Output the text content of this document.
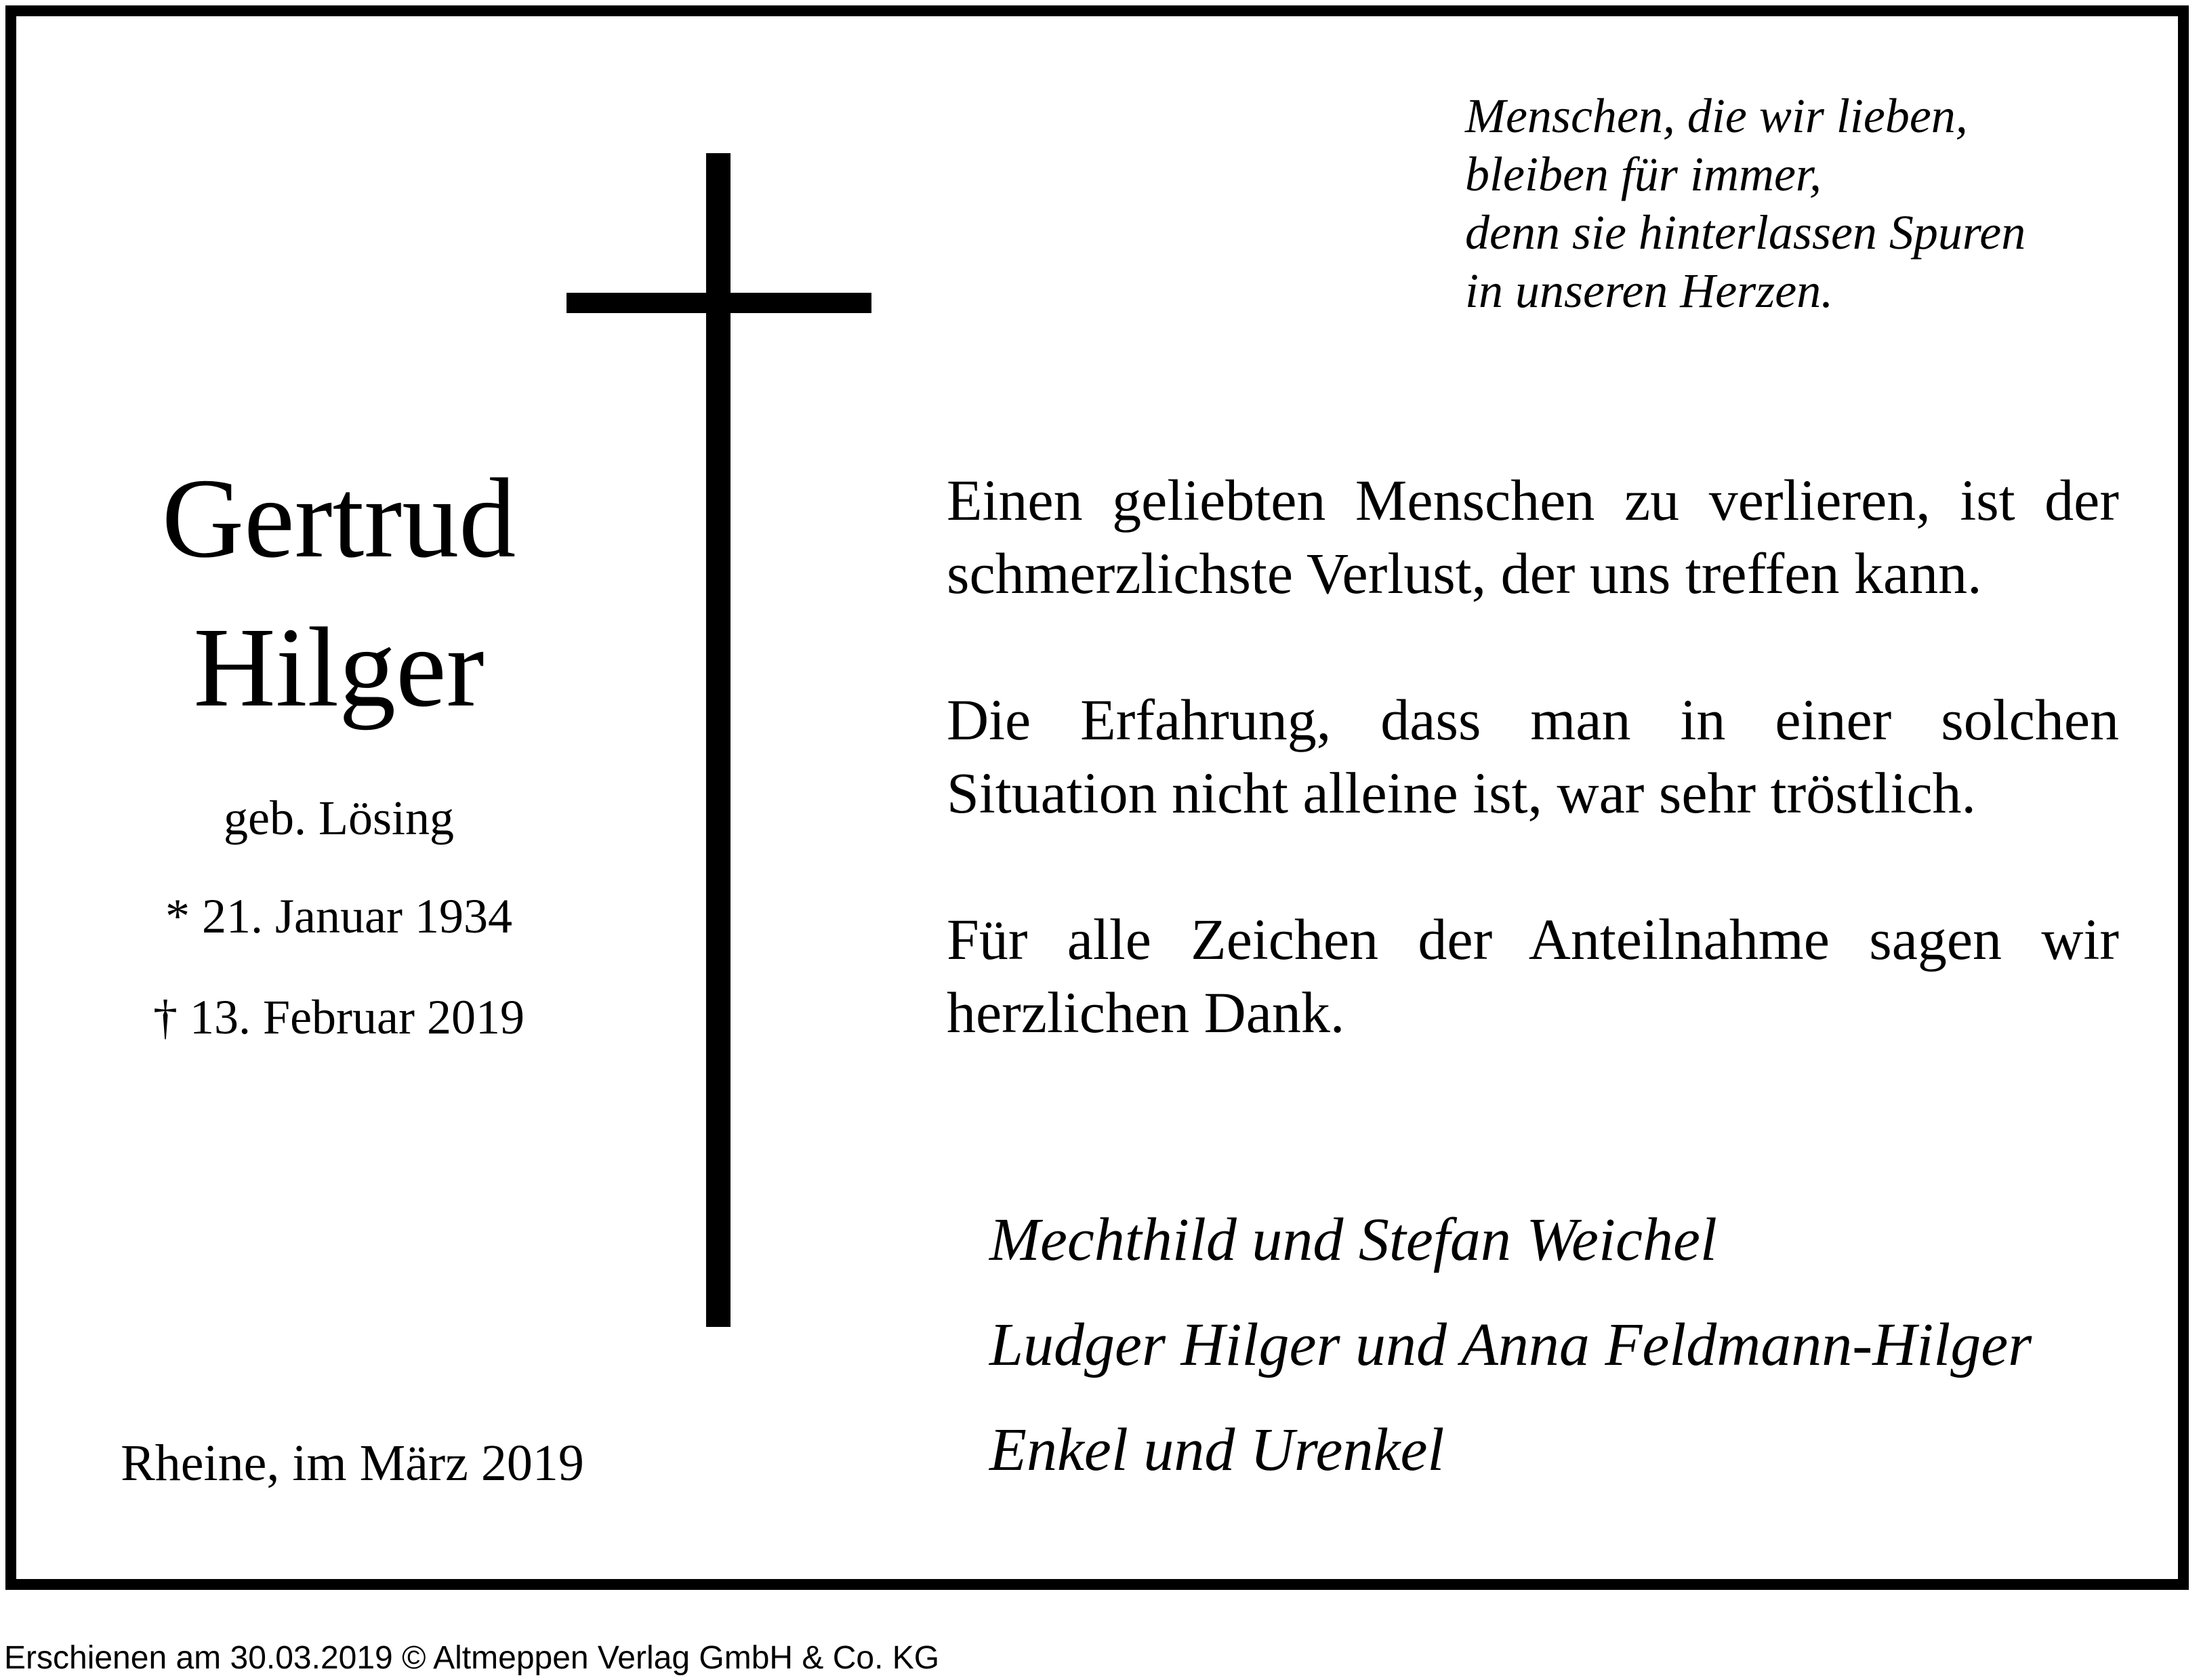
Menschen, die wir lieben,
bleiben für immer,
denn sie hinterlassen Spuren
in unseren Herzen.
Gertrud
Hilger
geb. Lösing
* 21. Januar 1934
† 13. Februar 2019
Rheine, im März 2019

Einen geliebten Menschen zu verlieren, ist der schmerzlichste Verlust, der uns treffen kann.

Die Erfahrung, dass man in einer solchen Situation nicht alleine ist, war sehr tröstlich.

Für alle Zeichen der Anteilnahme sagen wir herzlichen Dank.

Mechthild und Stefan Weichel
Ludger Hilger und Anna Feldmann-Hilger
Enkel und Urenkel
Erschienen am 30.03.2019 © Altmeppen Verlag GmbH & Co. KG
